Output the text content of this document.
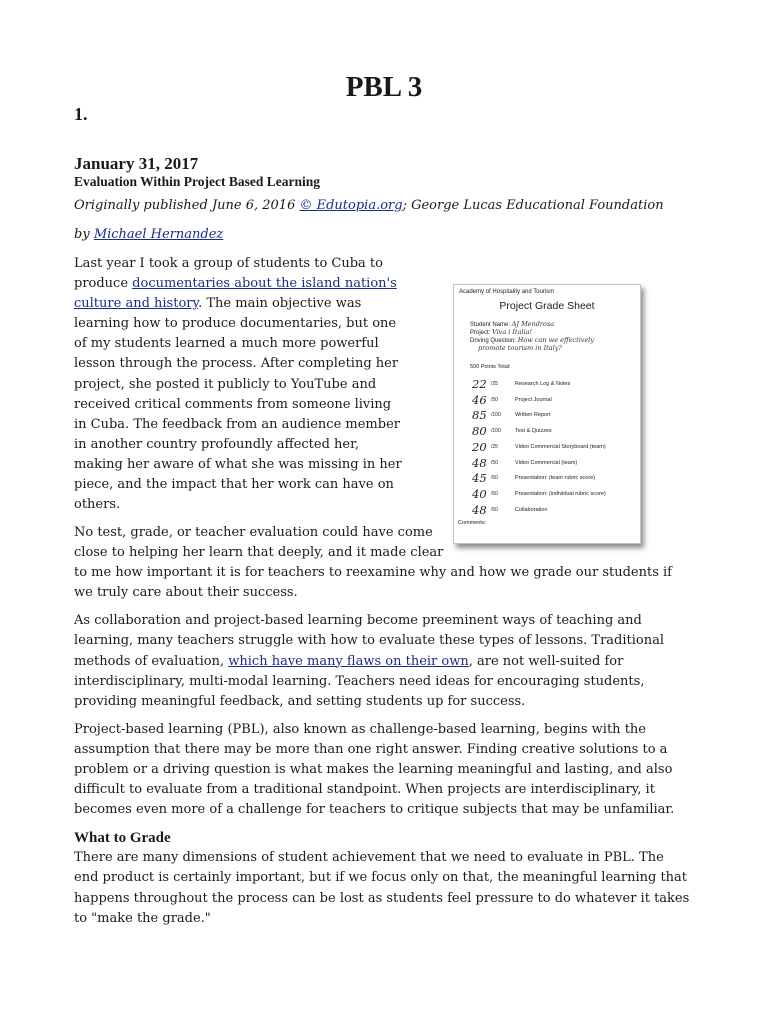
PBL 3
1.
January 31, 2017
Evaluation Within Project Based Learning
Originally published June 6, 2016 © Edutopia.org; George Lucas Educational Foundation
by Michael Hernandez
Last year I took a group of students to Cuba to
produce documentaries about the island nation's
culture and history. The main objective was
learning how to produce documentaries, but one
of my students learned a much more powerful
lesson through the process. After completing her
project, she posted it publicly to YouTube and
received critical comments from someone living
in Cuba. The feedback from an audience member
in another country profoundly affected her,
making her aware of what she was missing in her
piece, and the impact that her work can have on
others.

No test, grade, or teacher evaluation could have come close to helping her learn that deeply, and it made clear to me how important it is for teachers to reexamine why and how we grade our students if we truly care about their success.

As collaboration and project-based learning become preeminent ways of teaching and learning, many teachers struggle with how to evaluate these types of lessons. Traditional methods of evaluation, which have many flaws on their own, are not well-suited for interdisciplinary, multi-modal learning. Teachers need ideas for encouraging students, providing meaningful feedback, and setting students up for success.

Project-based learning (PBL), also known as challenge-based learning, begins with the assumption that there may be more than one right answer. Finding creative solutions to a problem or a driving question is what makes the learning meaningful and lasting, and also difficult to evaluate from a traditional standpoint. When projects are interdisciplinary, it becomes even more of a challenge for teachers to critique subjects that may be unfamiliar.

What to Grade

There are many dimensions of student achievement that we need to evaluate in PBL. The end product is certainly important, but if we focus only on that, the meaningful learning that happens throughout the process can be lost as students feel pressure to do whatever it takes to "make the grade."

Academy of Hospitality and Tourism
Project Grade Sheet
Student Name: AJ Mendrosa
Project: Viva i Italia!
Driving Question: How can we effectively
promote tourism in Italy?
500 Points Total:
22 /25	Research Log & Notes
46 /50	Project Journal
85 /100	Written Report
80 /100	Test & Quizzes
20 /25	Video Commercial Storyboard (team)
48 /50	Video Commercial (team)
45 /50	Presentation: (team rubric score)
40 /50	Presentation: (individual rubric score)
48 /50	Collaboration
Comments:
